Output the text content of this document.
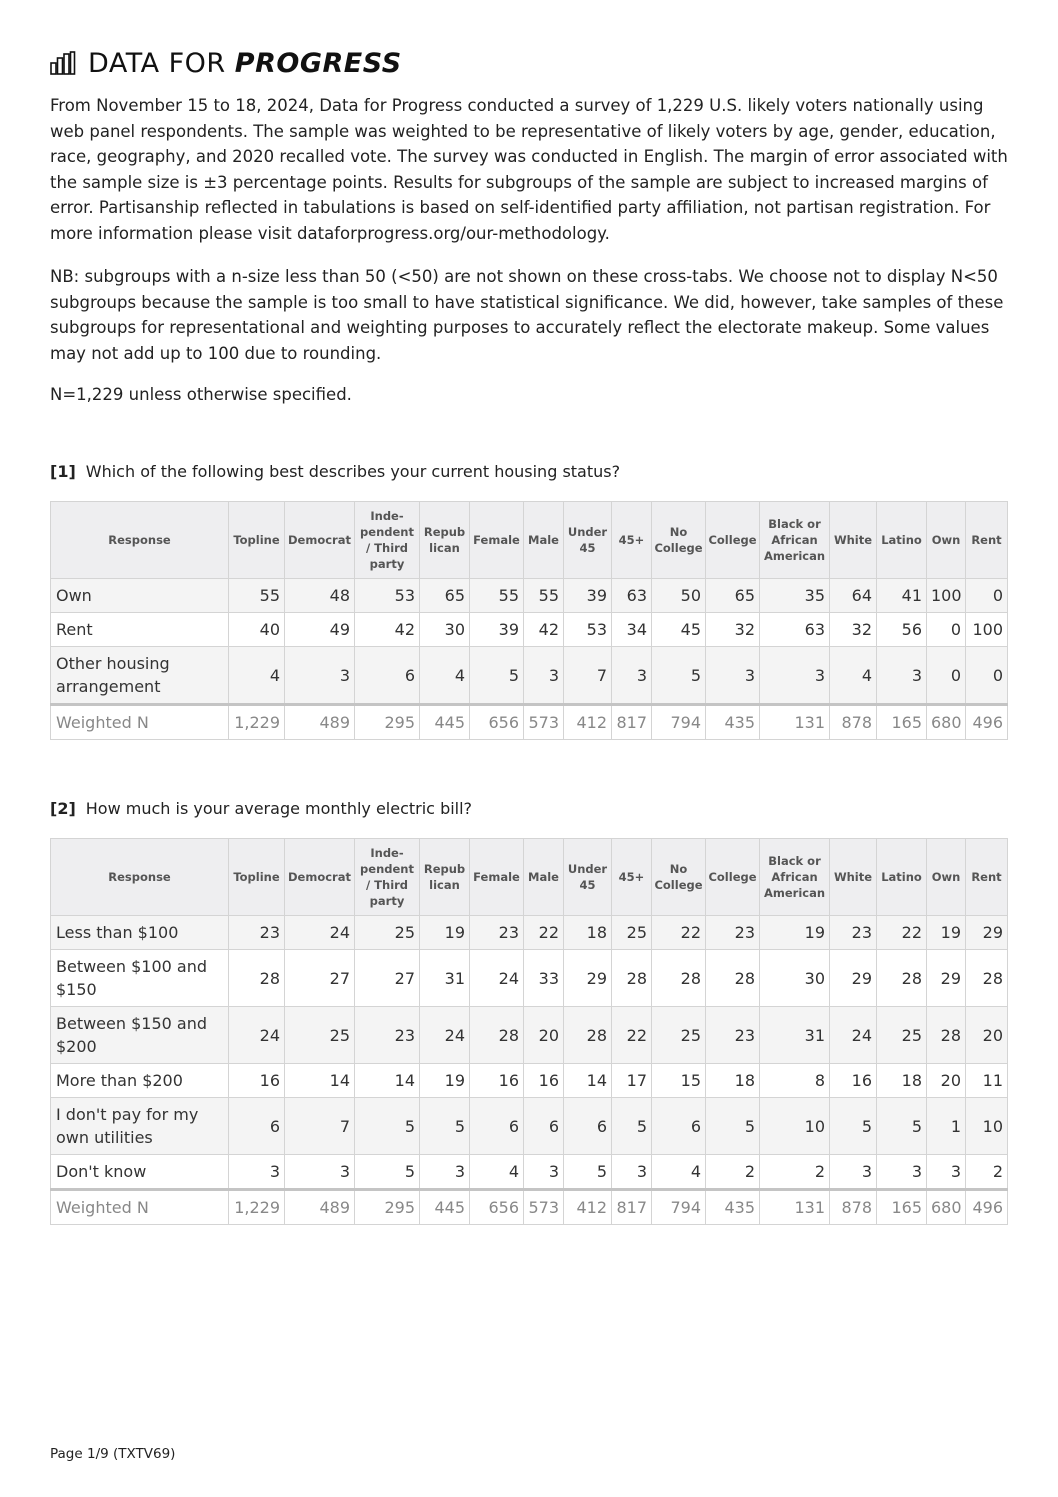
DATA FOR PROGRESS

From November 15 to 18, 2024, Data for Progress conducted a survey of 1,229 U.S. likely voters nationally using web panel respondents. The sample was weighted to be representative of likely voters by age, gender, education, race, geography, and 2020 recalled vote. The survey was conducted in English. The margin of error associated with the sample size is ±3 percentage points. Results for subgroups of the sample are subject to increased margins of error. Partisanship reflected in tabulations is based on self-identified party affiliation, not partisan registration. For more information please visit dataforprogress.org/our-methodology.

NB: subgroups with a n-size less than 50 (<50) are not shown on these cross-tabs. We choose not to display N<50 subgroups because the sample is too small to have statistical significance. We did, however, take samples of these subgroups for representational and weighting purposes to accurately reflect the electorate makeup. Some values may not add up to 100 due to rounding.

N=1,229 unless otherwise specified.

[1] Which of the following best describes your current housing status?
Response	Topline	Democrat	Inde-pendent / Third party	Repub lican	Female	Male	Under 45	45+	No College	College	Black or African American	White	Latino	Own	Rent
Own	55	48	53	65	55	55	39	63	50	65	35	64	41	100	0
Rent	40	49	42	30	39	42	53	34	45	32	63	32	56	0	100
Other housing arrangement	4	3	6	4	5	3	7	3	5	3	3	4	3	0	0
Weighted N	1,229	489	295	445	656	573	412	817	794	435	131	878	165	680	496
[2] How much is your average monthly electric bill?
Response	Topline	Democrat	Inde-pendent / Third party	Repub lican	Female	Male	Under 45	45+	No College	College	Black or African American	White	Latino	Own	Rent
Less than $100	23	24	25	19	23	22	18	25	22	23	19	23	22	19	29
Between $100 and $150	28	27	27	31	24	33	29	28	28	28	30	29	28	29	28
Between $150 and $200	24	25	23	24	28	20	28	22	25	23	31	24	25	28	20
More than $200	16	14	14	19	16	16	14	17	15	18	8	16	18	20	11
I don't pay for my own utilities	6	7	5	5	6	6	6	5	6	5	10	5	5	1	10
Don't know	3	3	5	3	4	3	5	3	4	2	2	3	3	3	2
Weighted N	1,229	489	295	445	656	573	412	817	794	435	131	878	165	680	496
Page 1/9 (TXTV69)
